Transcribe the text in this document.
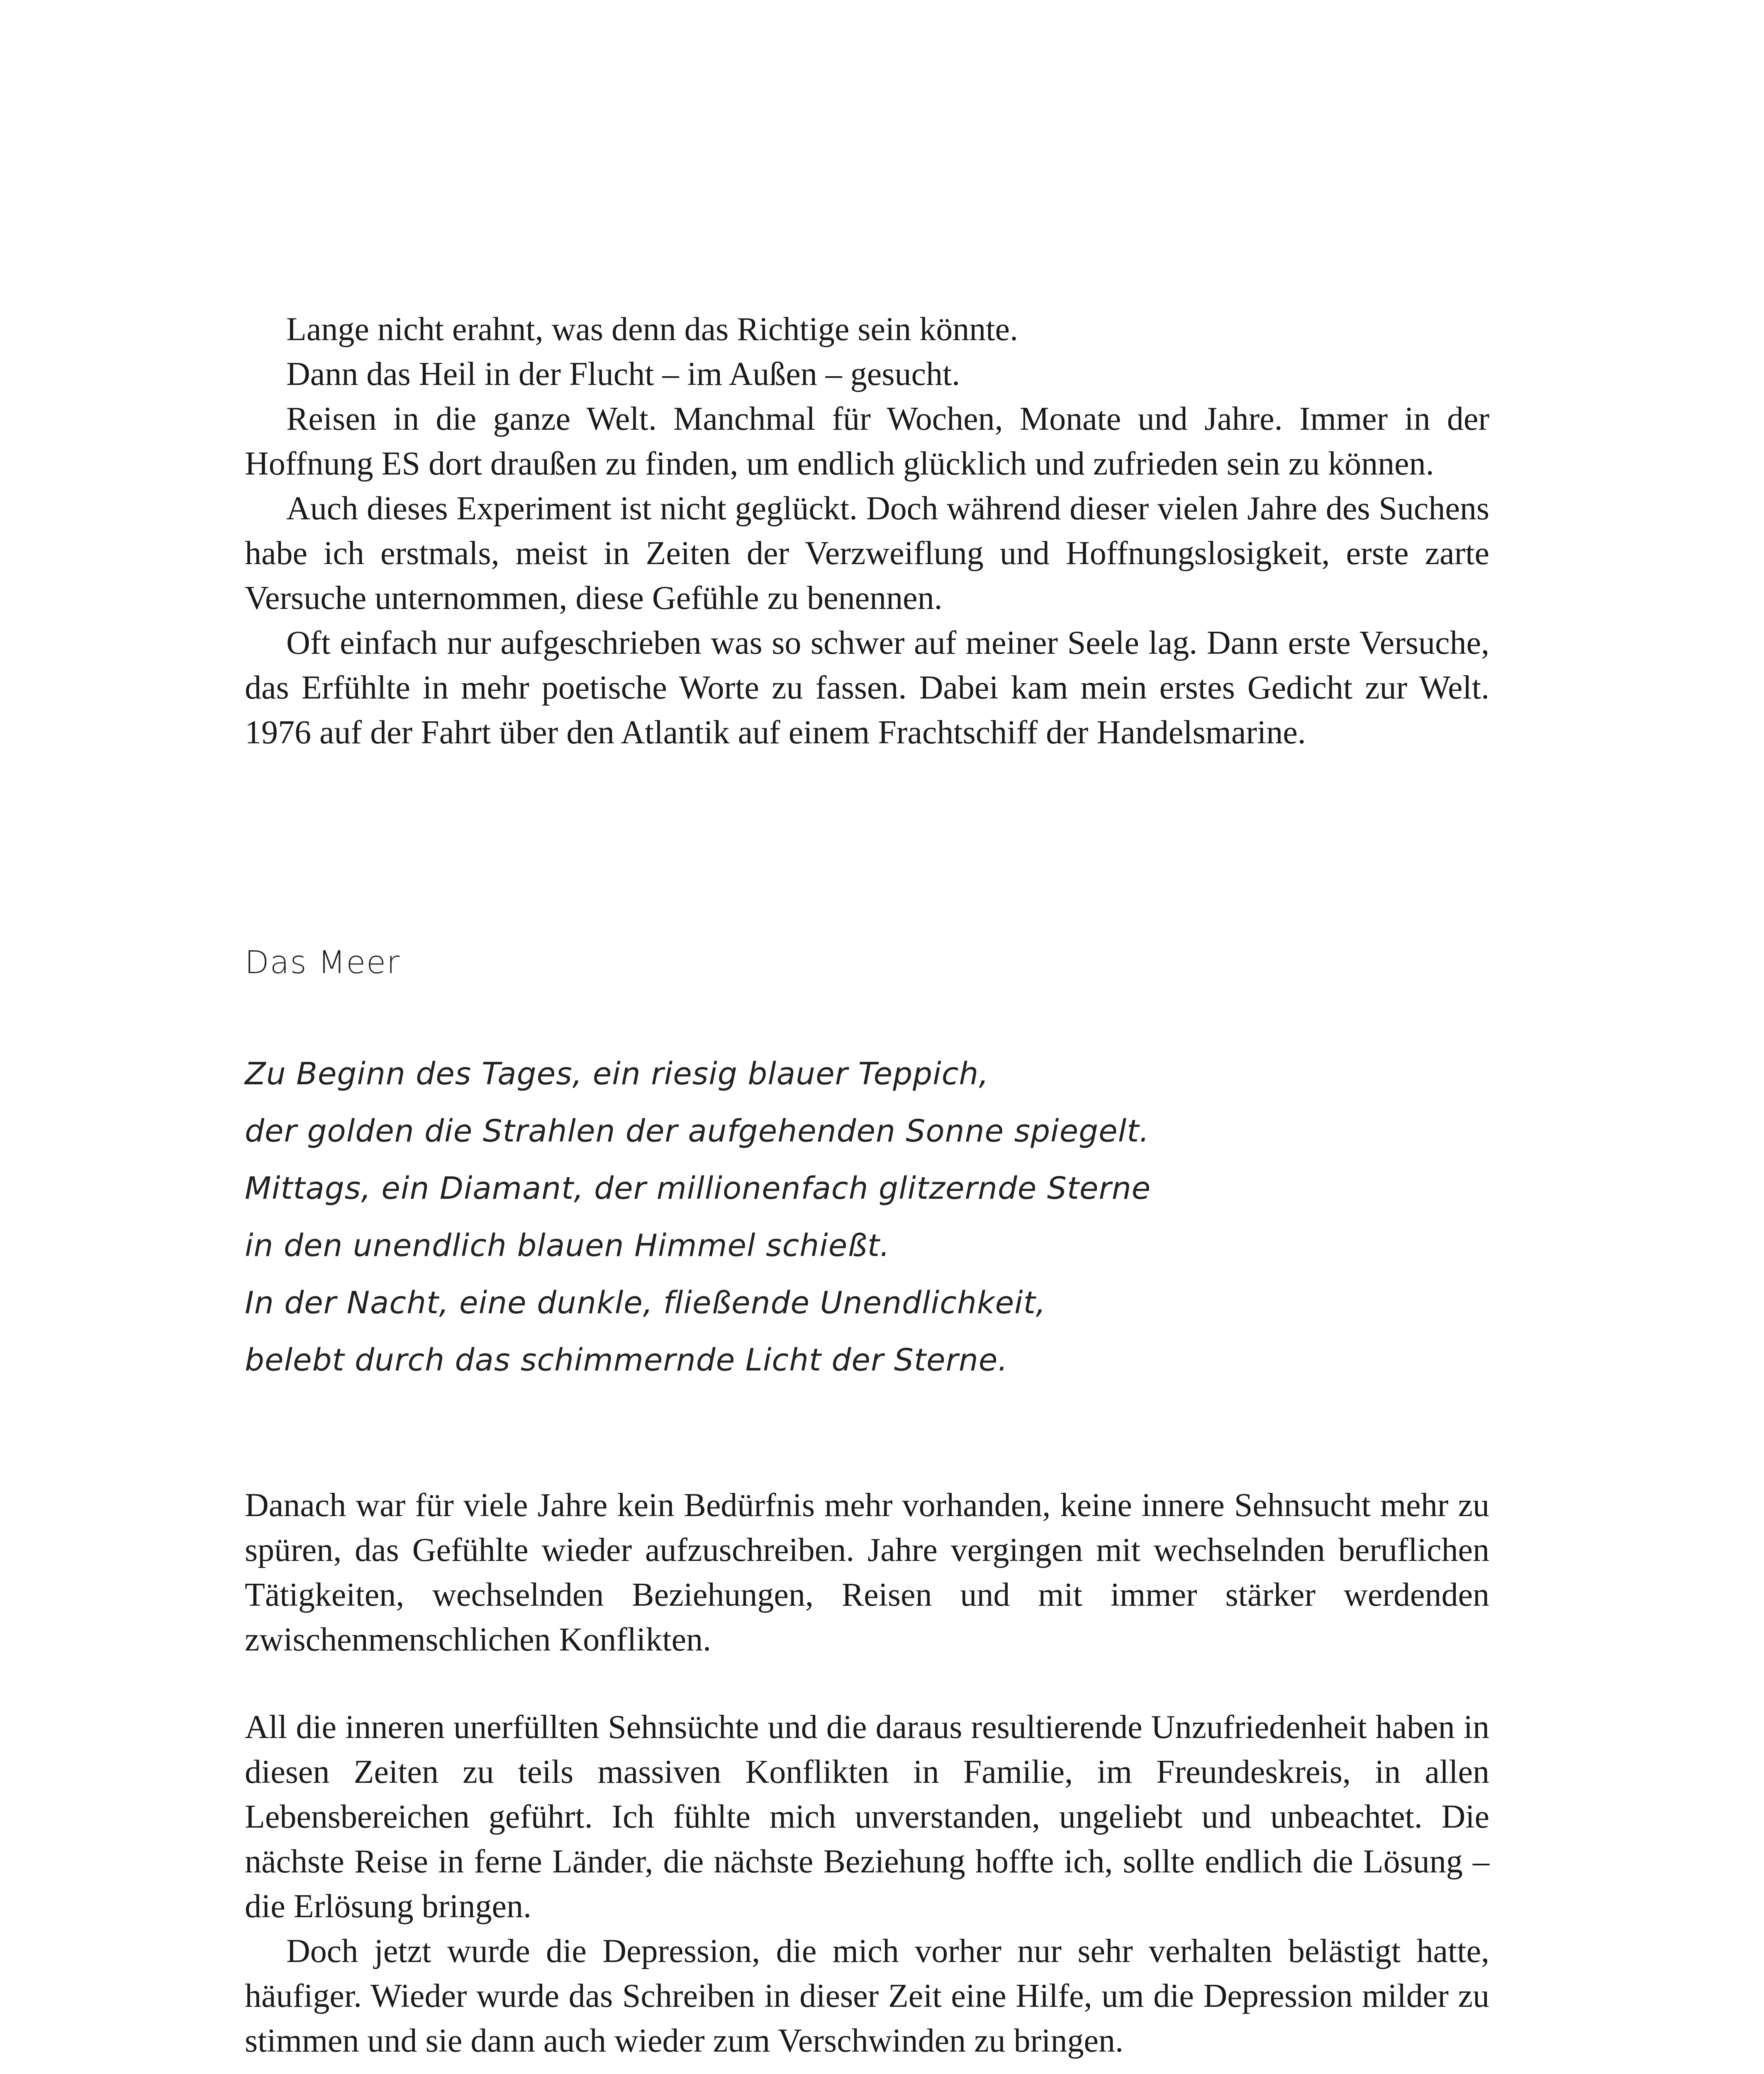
Lange nicht erahnt, was denn das Richtige sein könnte.

Dann das Heil in der Flucht – im Außen – gesucht.

Reisen in die ganze Welt. Manchmal für Wochen, Monate und Jahre. Immer in der Hoffnung ES dort draußen zu finden, um endlich glücklich und zufrieden sein zu können.

Auch dieses Experiment ist nicht geglückt. Doch während dieser vielen Jahre des Suchens habe ich erstmals, meist in Zeiten der Verzweiflung und Hoffnungslosigkeit, erste zarte Versuche unternommen, diese Gefühle zu benennen.

Oft einfach nur aufgeschrieben was so schwer auf meiner Seele lag. Dann erste Versuche, das Erfühlte in mehr poetische Worte zu fassen. Dabei kam mein erstes Gedicht zur Welt. 1976 auf der Fahrt über den Atlantik auf einem Frachtschiff der Handelsmarine.

Das Meer
Zu Beginn des Tages, ein riesig blauer Teppich,
der golden die Strahlen der aufgehenden Sonne spiegelt.
Mittags, ein Diamant, der millionenfach glitzernde Sterne
in den unendlich blauen Himmel schießt.
In der Nacht, eine dunkle, fließende Unendlichkeit,
belebt durch das schimmernde Licht der Sterne.

Danach war für viele Jahre kein Bedürfnis mehr vorhanden, keine innere Sehnsucht mehr zu spüren, das Gefühlte wieder aufzuschreiben. Jahre vergingen mit wechselnden beruflichen Tätigkeiten, wechselnden Beziehungen, Reisen und mit immer stärker werdenden zwischenmenschlichen Konflikten.

All die inneren unerfüllten Sehnsüchte und die daraus resultierende Unzufriedenheit haben in diesen Zeiten zu teils massiven Konflikten in Familie, im Freundeskreis, in allen Lebensbereichen geführt. Ich fühlte mich unverstanden, ungeliebt und unbeachtet. Die nächste Reise in ferne Länder, die nächste Beziehung hoffte ich, sollte endlich die Lösung – die Erlösung bringen.

Doch jetzt wurde die Depression, die mich vorher nur sehr verhalten belästigt hatte, häufiger. Wieder wurde das Schreiben in dieser Zeit eine Hilfe, um die Depression milder zu stimmen und sie dann auch wieder zum Verschwinden zu bringen.
